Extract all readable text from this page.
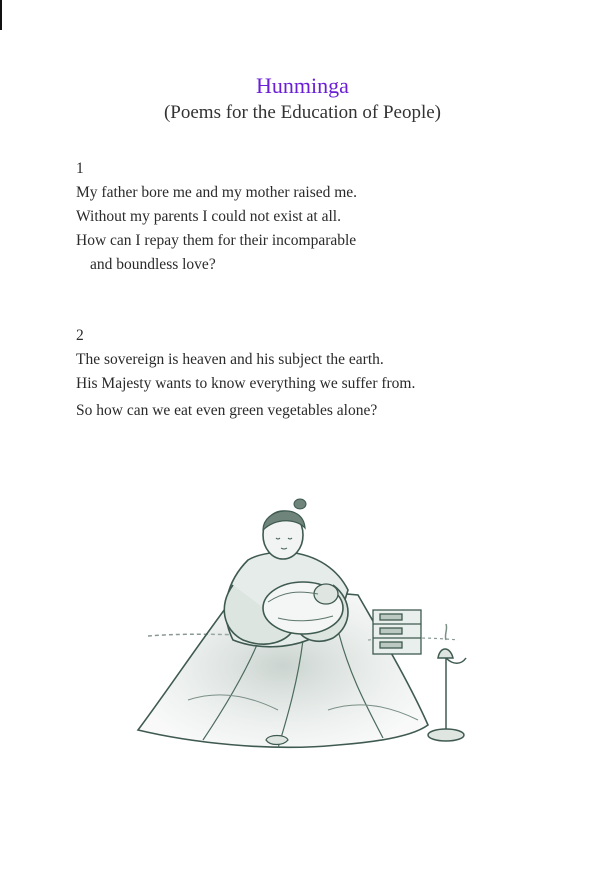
Hunminga
(Poems for the Education of People)
1
My father bore me and my mother raised me.
Without my parents I could not exist at all.
How can I repay them for their incomparable
and boundless love?
2
The sovereign is heaven and his subject the earth.
His Majesty wants to know everything we suffer from.
So how can we eat even green vegetables alone?
